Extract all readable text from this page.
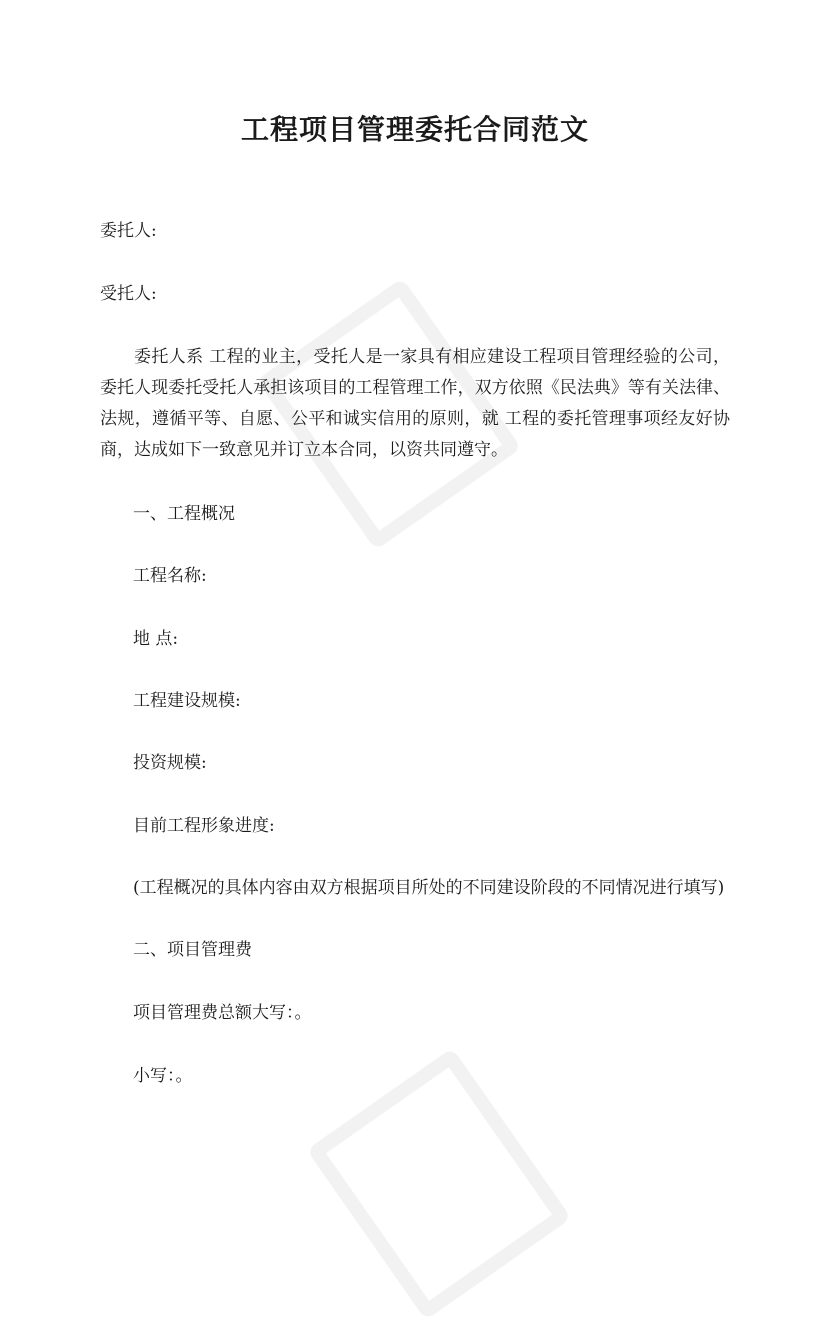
工程项目管理委托合同范文

委托人:

受托人:

委托人系 工程的业主，受托人是一家具有相应建设工程项目管理经验的公司，委托人现委托受托人承担该项目的工程管理工作，双方依照《民法典》等有关法律、法规，遵循平等、自愿、公平和诚实信用的原则，就 工程的委托管理事项经友好协商，达成如下一致意见并订立本合同，以资共同遵守。

一、工程概况

工程名称:

地 点:

工程建设规模:

投资规模:

目前工程形象进度:

(工程概况的具体内容由双方根据项目所处的不同建设阶段的不同情况进行填写)

二、项目管理费

项目管理费总额大写：。

小写：。
